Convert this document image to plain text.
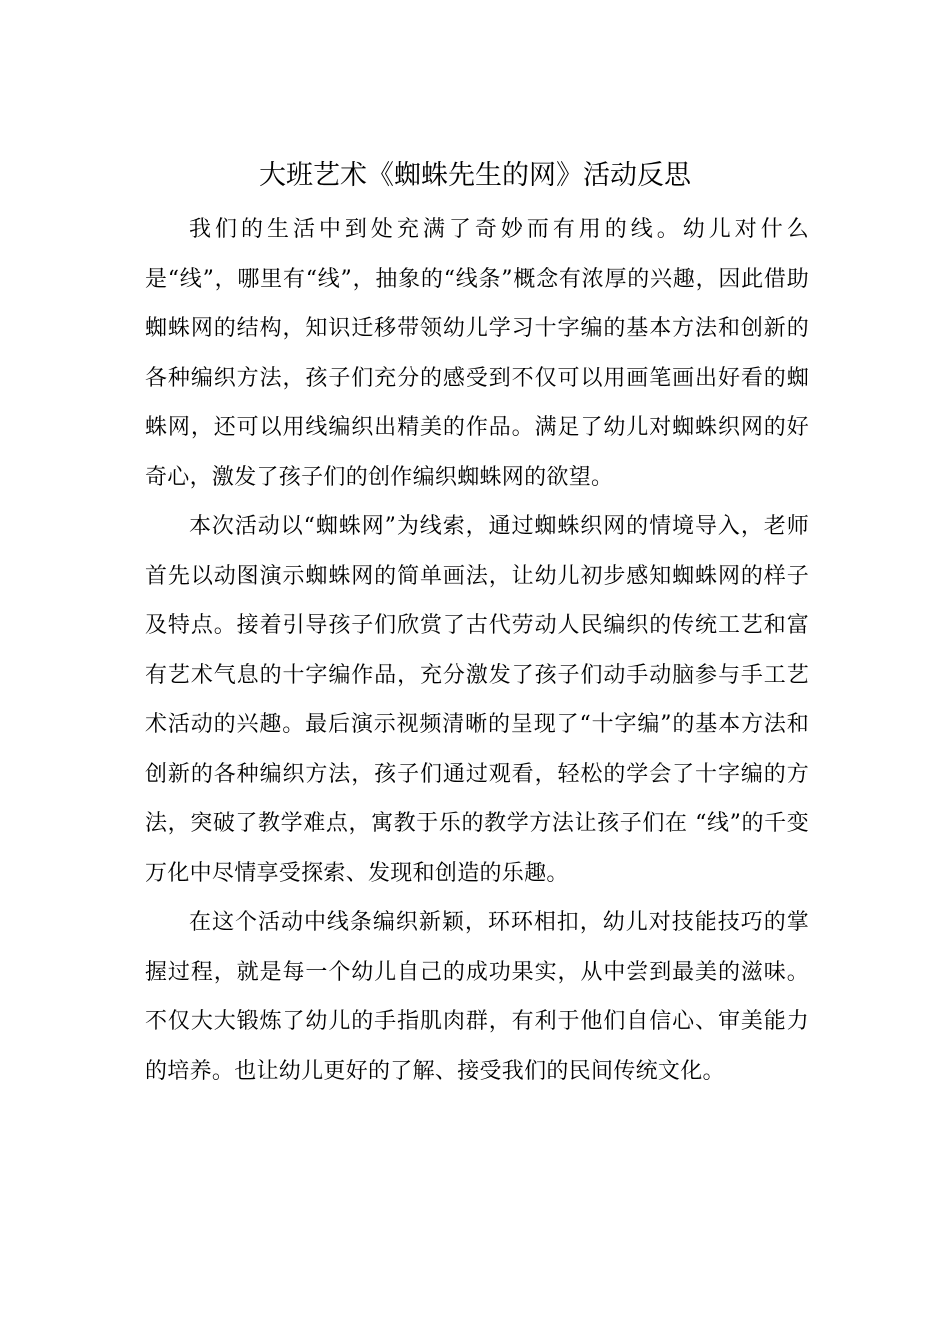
大班艺术《蜘蛛先生的网》活动反思

我们的生活中到处充满了奇妙而有用的线。幼儿对什么是“线”，哪里有“线”，抽象的“线条”概念有浓厚的兴趣，因此借助蜘蛛网的结构，知识迁移带领幼儿学习十字编的基本方法和创新的各种编织方法，孩子们充分的感受到不仅可以用画笔画出好看的蜘蛛网，还可以用线编织出精美的作品。满足了幼儿对蜘蛛织网的好奇心，激发了孩子们的创作编织蜘蛛网的欲望。

本次活动以“蜘蛛网”为线索，通过蜘蛛织网的情境导入，老师首先以动图演示蜘蛛网的简单画法，让幼儿初步感知蜘蛛网的样子及特点。接着引导孩子们欣赏了古代劳动人民编织的传统工艺和富有艺术气息的十字编作品，充分激发了孩子们动手动脑参与手工艺术活动的兴趣。最后演示视频清晰的呈现了“十字编”的基本方法和创新的各种编织方法，孩子们通过观看，轻松的学会了十字编的方法，突破了教学难点，寓教于乐的教学方法让孩子们在 “线”的千变万化中尽情享受探索、发现和创造的乐趣。

在这个活动中线条编织新颖，环环相扣，幼儿对技能技巧的掌握过程，就是每一个幼儿自己的成功果实，从中尝到最美的滋味。不仅大大锻炼了幼儿的手指肌肉群，有利于他们自信心、审美能力的培养。也让幼儿更好的了解、接受我们的民间传统文化。
